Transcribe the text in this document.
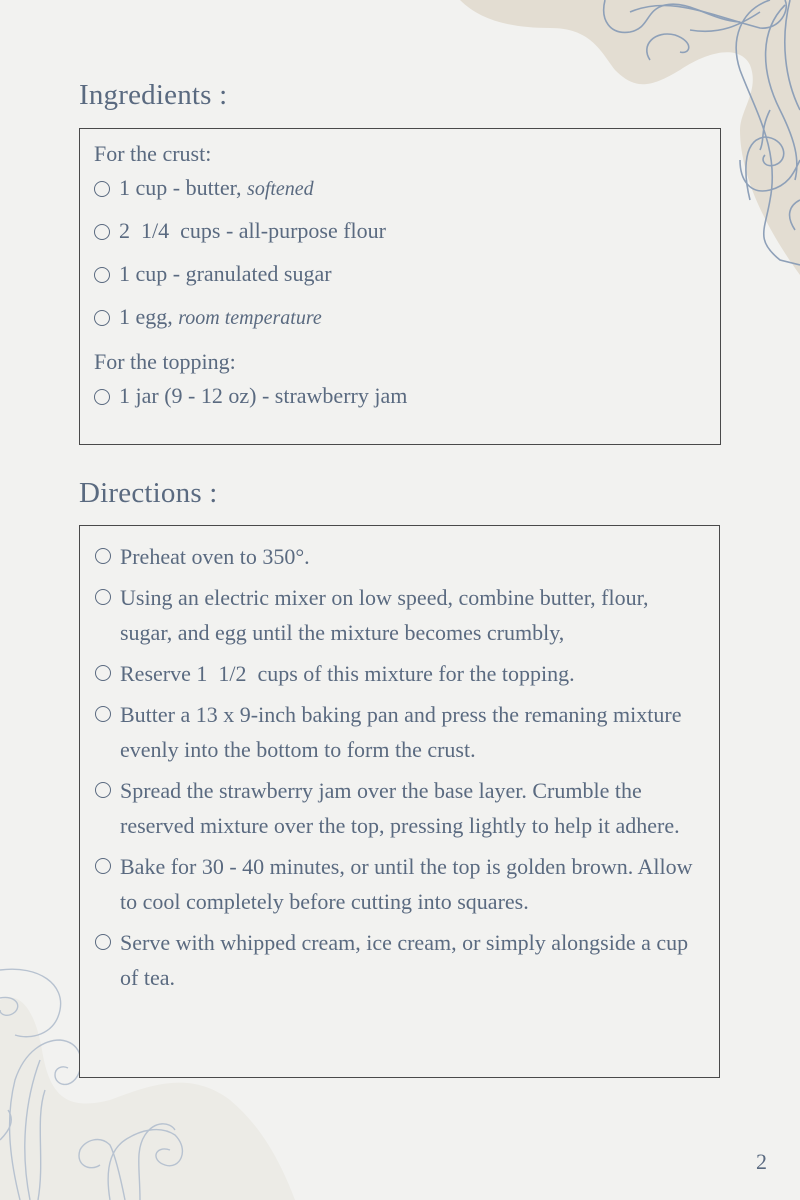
Ingredients :

For the crust:

1 cup - butter, softened
2  1/4  cups - all-purpose flour
1 cup - granulated sugar
1 egg, room temperature

For the topping:

1 jar (9 - 12 oz) - strawberry jam
Directions :
Preheat oven to 350°.
Using an electric mixer on low speed, combine butter, flour, sugar, and egg until the mixture becomes crumbly,
Reserve 1  1/2  cups of this mixture for the topping.
Butter a 13 x 9-inch baking pan and press the remaning mixture evenly into the bottom to form the crust.
Spread the strawberry jam over the base layer. Crumble the reserved mixture over the top, pressing lightly to help it adhere.
Bake for 30 - 40 minutes, or until the top is golden brown. Allow to cool completely before cutting into squares.
Serve with whipped cream, ice cream, or simply alongside a cup of tea.
2
